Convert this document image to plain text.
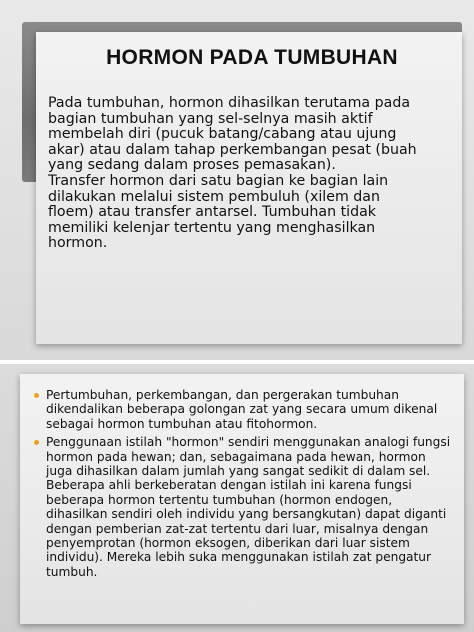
HORMON PADA TUMBUHAN

Pada tumbuhan, hormon dihasilkan terutama pada bagian tumbuhan yang sel-selnya masih aktif membelah diri (pucuk batang/cabang atau ujung akar) atau dalam tahap perkembangan pesat (buah yang sedang dalam proses pemasakan).

Transfer hormon dari satu bagian ke bagian lain dilakukan melalui sistem pembuluh (xilem dan floem) atau transfer antarsel. Tumbuhan tidak memiliki kelenjar tertentu yang menghasilkan hormon.

Pertumbuhan, perkembangan, dan pergerakan tumbuhan dikendalikan beberapa golongan zat yang secara umum dikenal sebagai hormon tumbuhan atau fitohormon.
Penggunaan istilah "hormon" sendiri menggunakan analogi fungsi hormon pada hewan; dan, sebagaimana pada hewan, hormon juga dihasilkan dalam jumlah yang sangat sedikit di dalam sel. Beberapa ahli berkeberatan dengan istilah ini karena fungsi beberapa hormon tertentu tumbuhan (hormon endogen, dihasilkan sendiri oleh individu yang bersangkutan) dapat diganti dengan pemberian zat-zat tertentu dari luar, misalnya dengan penyemprotan (hormon eksogen, diberikan dari luar sistem individu). Mereka lebih suka menggunakan istilah zat pengatur tumbuh.
